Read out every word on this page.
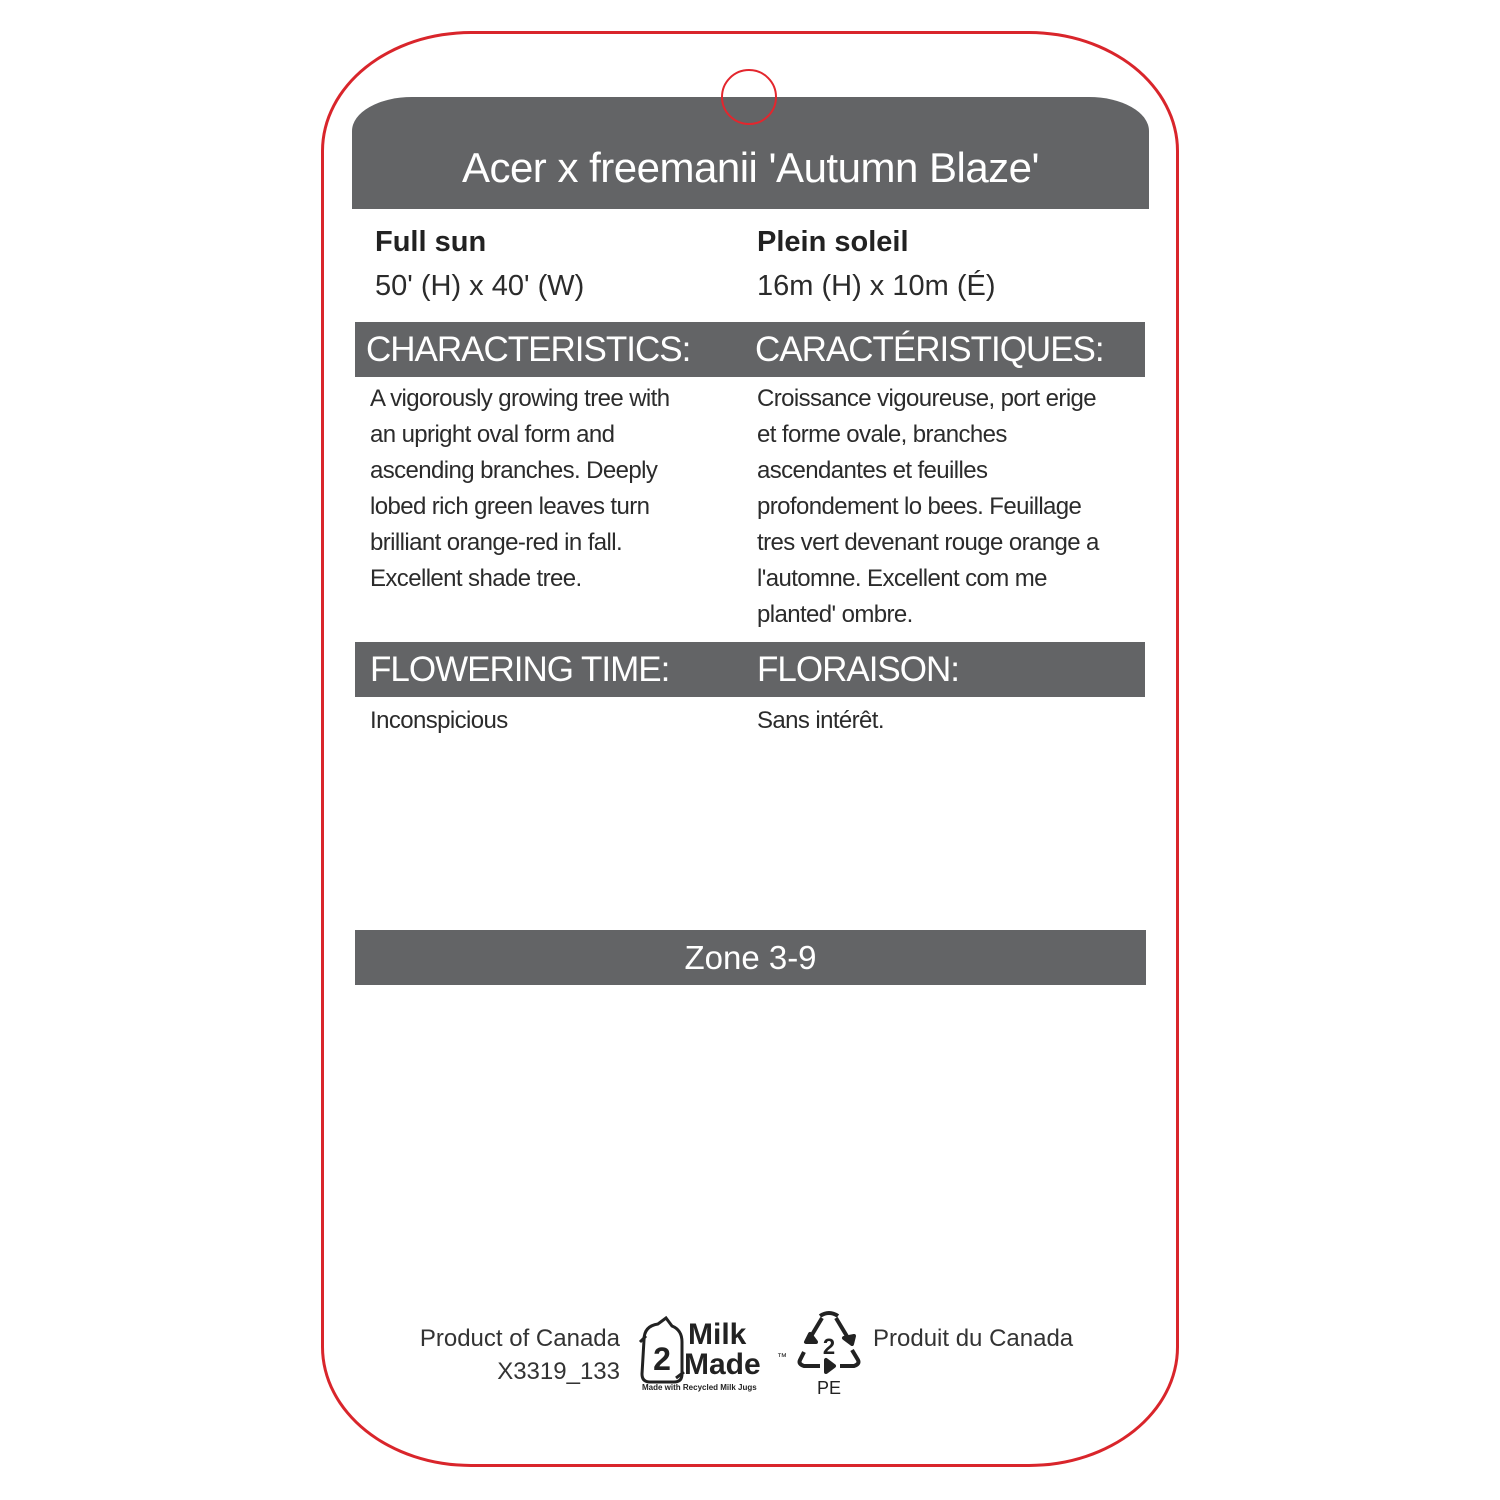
Acer x freemanii 'Autumn Blaze'
Full sun
50' (H) x 40' (W)
Plein soleil
16m (H) x 10m (É)
CHARACTERISTICS: CARACTÉRISTIQUES:
A vigorously growing tree with
an upright oval form and
ascending branches. Deeply
lobed rich green leaves turn
brilliant orange-red in fall.
Excellent shade tree.
Croissance vigoureuse, port erige
et forme ovale, branches
ascendantes et feuilles
profondement lo bees. Feuillage
tres vert devenant rouge orange a
l'automne. Excellent com me
planted' ombre.
FLOWERING TIME:	FLORAISON:
Inconspicious	Sans intérêt.
Zone 3-9
Product of Canada
X3319_133 2
Milk
Made ™
Made with Recycled Milk Jugs
2
PE
Produit du Canada
